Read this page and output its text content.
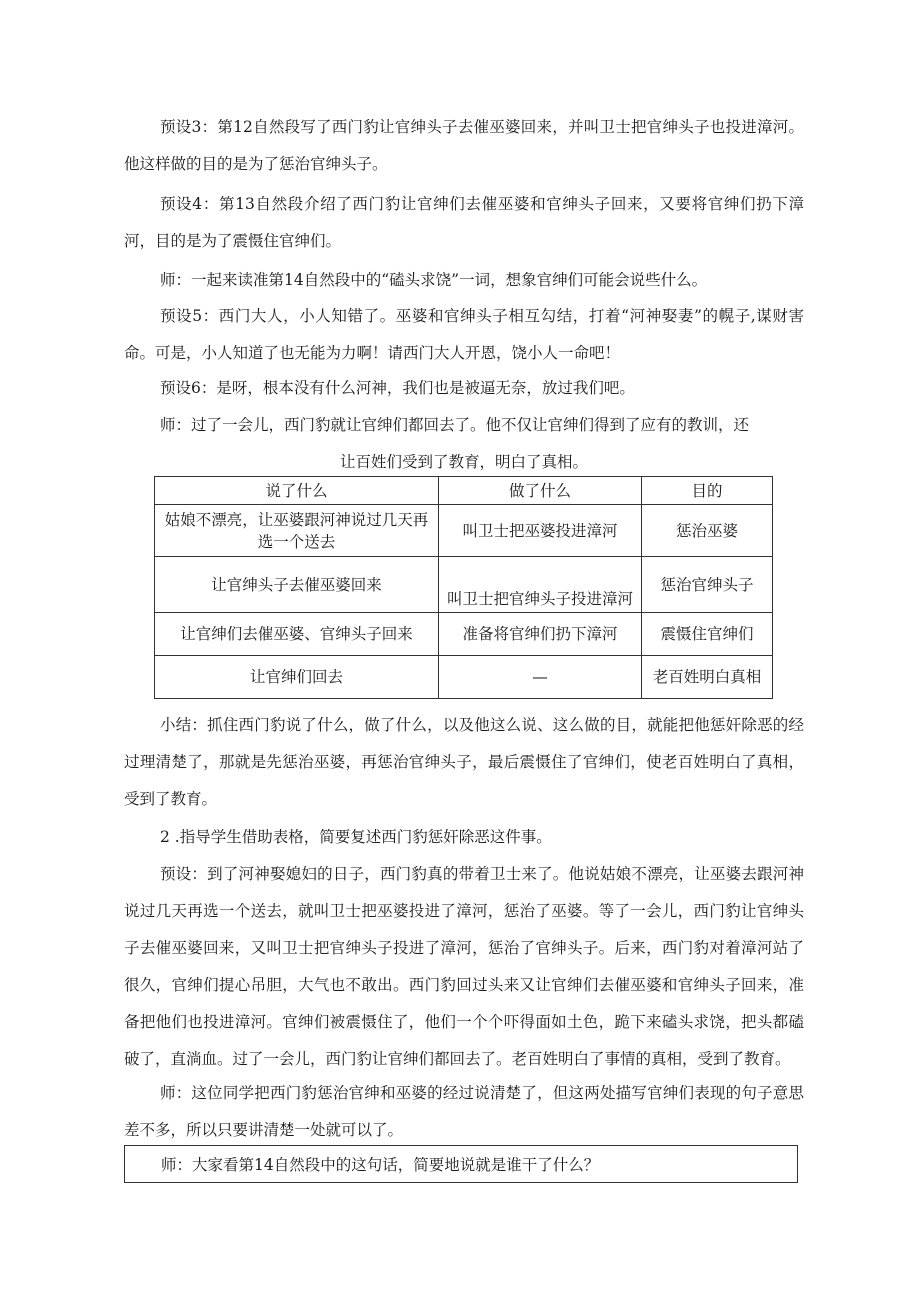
预设3：第12自然段写了西门豹让官绅头子去催巫婆回来，并叫卫士把官绅头子也投进漳河。他这样做的目的是为了惩治官绅头子。

预设4：第13自然段介绍了西门豹让官绅们去催巫婆和官绅头子回来，又要将官绅们扔下漳河，目的是为了震慑住官绅们。

师：一起来读准第14自然段中的“磕头求饶”一词，想象官绅们可能会说些什么。

预设5：西门大人，小人知错了。巫婆和官绅头子相互勾结，打着“河神娶妻”的幌子,谋财害命。可是，小人知道了也无能为力啊！请西门大人开恩，饶小人一命吧！

预设6：是呀，根本没有什么河神，我们也是被逼无奈，放过我们吧。

师：过了一会儿，西门豹就让官绅们都回去了。他不仅让官绅们得到了应有的教训，还

让百姓们受到了教育，明白了真相。

说了什么	做了什么	目的
姑娘不漂亮，让巫婆跟河神说过几天再选一个送去	叫卫士把巫婆投进漳河	惩治巫婆
让官绅头子去催巫婆回来	叫卫士把官绅头子投进漳河	惩治官绅头子
让官绅们去催巫婆、官绅头子回来	准备将官绅们扔下漳河	震慑住官绅们
让官绅们回去	—	老百姓明白真相

小结：抓住西门豹说了什么，做了什么，以及他这么说、这么做的目，就能把他惩奸除恶的经过理清楚了，那就是先惩治巫婆，再惩治官绅头子，最后震慑住了官绅们，使老百姓明白了真相，受到了教育。

2 .指导学生借助表格，简要复述西门豹惩奸除恶这件事。

预设：到了河神娶媳妇的日子，西门豹真的带着卫士来了。他说姑娘不漂亮，让巫婆去跟河神说过几天再选一个送去，就叫卫士把巫婆投进了漳河，惩治了巫婆。等了一会儿，西门豹让官绅头子去催巫婆回来，又叫卫士把官绅头子投进了漳河，惩治了官绅头子。后来，西门豹对着漳河站了很久，官绅们提心吊胆，大气也不敢出。西门豹回过头来又让官绅们去催巫婆和官绅头子回来，准备把他们也投进漳河。官绅们被震慑住了，他们一个个吓得面如土色，跪下来磕头求饶，把头都磕破了，直淌血。过了一会儿，西门豹让官绅们都回去了。老百姓明白了事情的真相，受到了教育。

师：这位同学把西门豹惩治官绅和巫婆的经过说清楚了，但这两处描写官绅们表现的句子意思差不多，所以只要讲清楚一处就可以了。

师：大家看第14自然段中的这句话，简要地说就是谁干了什么？
